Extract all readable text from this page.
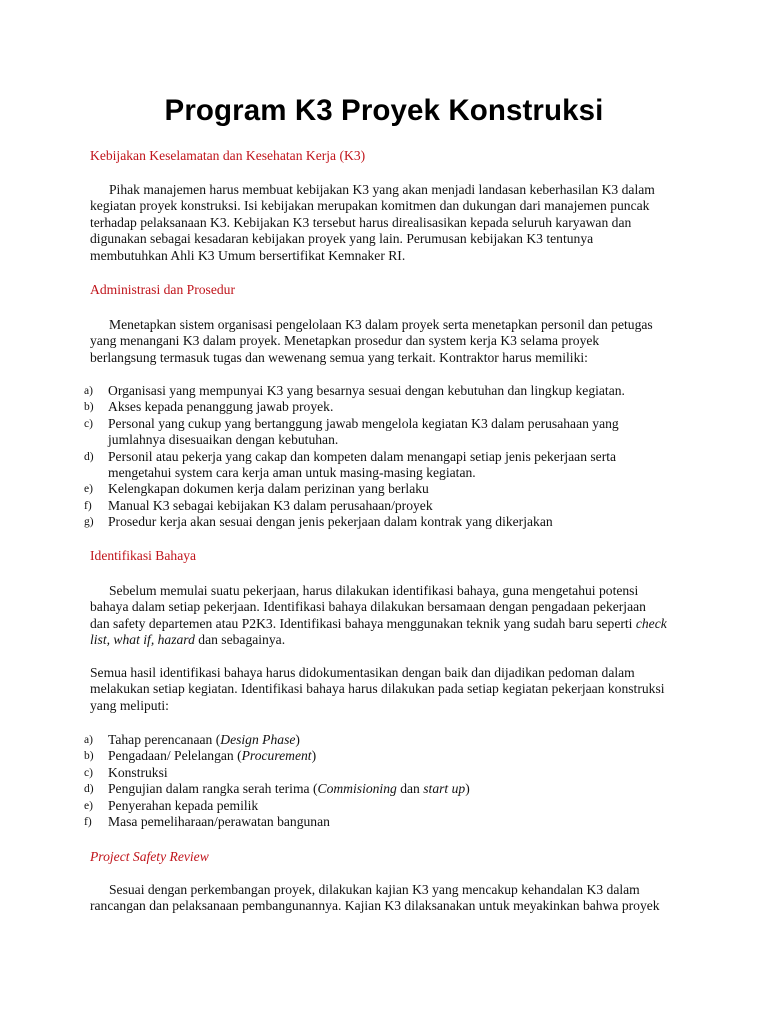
Program K3 Proyek Konstruksi

Kebijakan Keselamatan dan Kesehatan Kerja (K3)

Pihak manajemen harus membuat kebijakan K3 yang akan menjadi landasan keberhasilan K3 dalam
kegiatan proyek konstruksi. Isi kebijakan merupakan komitmen dan dukungan dari manajemen puncak
terhadap pelaksanaan K3. Kebijakan K3 tersebut harus direalisasikan kepada seluruh karyawan dan
digunakan sebagai kesadaran kebijakan proyek yang lain. Perumusan kebijakan K3 tentunya
membutuhkan Ahli K3 Umum bersertifikat Kemnaker RI.

Administrasi dan Prosedur

Menetapkan sistem organisasi pengelolaan K3 dalam proyek serta menetapkan personil dan petugas
yang menangani K3 dalam proyek. Menetapkan prosedur dan system kerja K3 selama proyek
berlangsung termasuk tugas dan wewenang semua yang terkait. Kontraktor harus memiliki:

a) Organisasi yang mempunyai K3 yang besarnya sesuai dengan kebutuhan dan lingkup kegiatan.
b) Akses kepada penanggung jawab proyek.
c) Personal yang cukup yang bertanggung jawab mengelola kegiatan K3 dalam perusahaan yang
jumlahnya disesuaikan dengan kebutuhan.
d) Personil atau pekerja yang cakap dan kompeten dalam menangapi setiap jenis pekerjaan serta
mengetahui system cara kerja aman untuk masing-masing kegiatan.
e) Kelengkapan dokumen kerja dalam perizinan yang berlaku
f) Manual K3 sebagai kebijakan K3 dalam perusahaan/proyek
g) Prosedur kerja akan sesuai dengan jenis pekerjaan dalam kontrak yang dikerjakan

Identifikasi Bahaya

Sebelum memulai suatu pekerjaan, harus dilakukan identifikasi bahaya, guna mengetahui potensi
bahaya dalam setiap pekerjaan. Identifikasi bahaya dilakukan bersamaan dengan pengadaan pekerjaan
dan safety departemen atau P2K3. Identifikasi bahaya menggunakan teknik yang sudah baru seperti check
list, what if, hazard dan sebagainya.

Semua hasil identifikasi bahaya harus didokumentasikan dengan baik dan dijadikan pedoman dalam
melakukan setiap kegiatan. Identifikasi bahaya harus dilakukan pada setiap kegiatan pekerjaan konstruksi
yang meliputi:

a) Tahap perencanaan (Design Phase)
b) Pengadaan/ Pelelangan (Procurement)
c) Konstruksi
d) Pengujian dalam rangka serah terima (Commisioning dan start up)
e) Penyerahan kepada pemilik
f) Masa pemeliharaan/perawatan bangunan

Project Safety Review

Sesuai dengan perkembangan proyek, dilakukan kajian K3 yang mencakup kehandalan K3 dalam
rancangan dan pelaksanaan pembangunannya. Kajian K3 dilaksanakan untuk meyakinkan bahwa proyek
